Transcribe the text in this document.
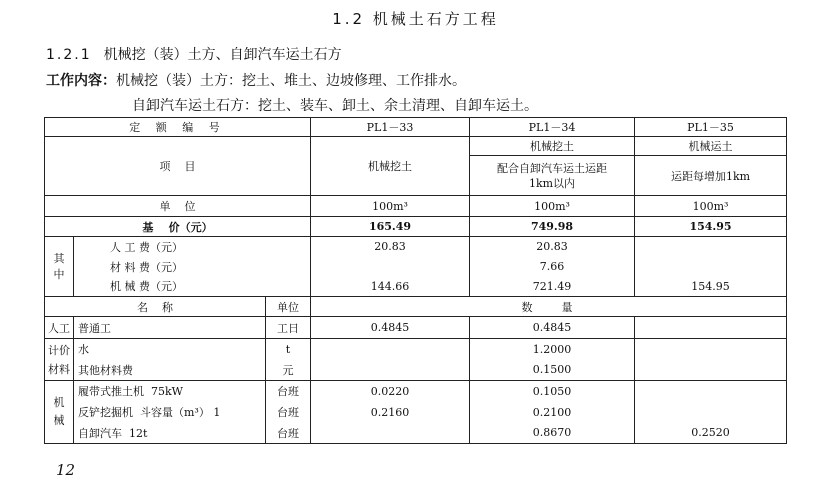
1.2 机械土石方工程
1.2.1 机械挖（装）土方、自卸汽车运土石方
工作内容：机械挖（装）土方：挖土、堆土、边坡修理、工作排水。
自卸汽车运土石方：挖土、装车、卸土、余土清理、自卸车运土。
定 额 编 号			PL1－33	PL1－34	PL1－35
项    目			机械挖土	机械挖土	机械运土

				配合自卸汽车运土运距1km以内	运距每增加1km
单    位			100m³	100m³	100m³
基    价（元）			165.49	749.98	154.95

其中	人 工 费（元）		20.83	20.83	
	材 料 费（元）			7.66	
	机 械 费（元）		144.66	721.49	154.95
名    称		单位	数    量		
人工	普通工	工日	0.4845	0.4845	

计价材料	水	t		1.2000	
	其他材料费	元		0.1500	

机械	履带式推土机  75kW	台班	0.0220	0.1050	
	反铲挖掘机  斗容量（m³） 1	台班	0.2160	0.2100	
	自卸汽车  12t	台班		0.8670	0.2520
12
